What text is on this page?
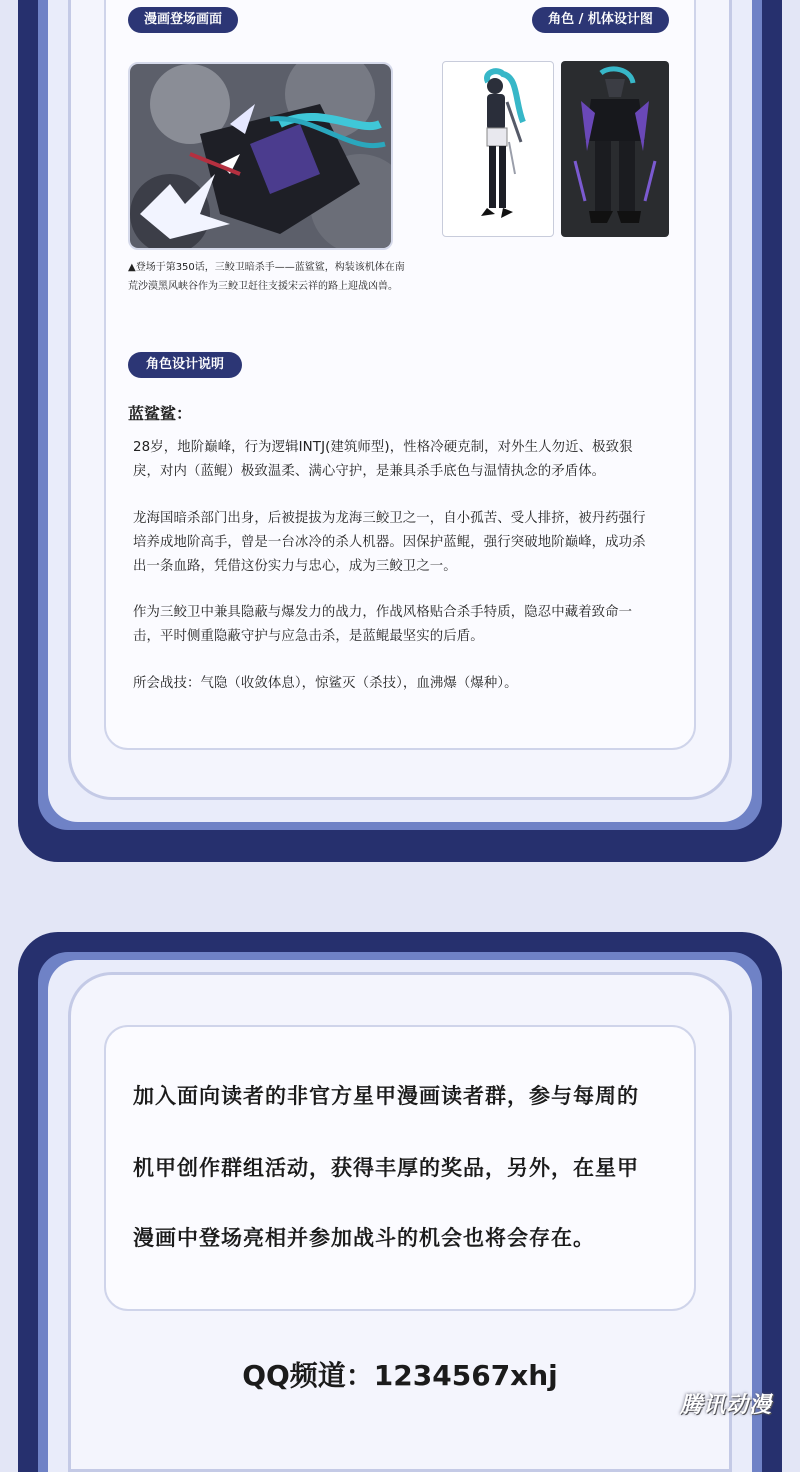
漫画登场画面	角色 / 机体设计图
▲登场于第350话，三鲛卫暗杀手——蓝鲨鲨，构装该机体在南
荒沙漠黑风峡谷作为三鲛卫赶往支援宋云祥的路上迎战凶兽。
角色设计说明
蓝鲨鲨：
28岁，地阶巅峰，行为逻辑INTJ(建筑师型)，性格冷硬克制，对外生人勿近、极致狠
戾，对内（蓝鲲）极致温柔、满心守护，是兼具杀手底色与温情执念的矛盾体。
龙海国暗杀部门出身，后被提拔为龙海三鲛卫之一，自小孤苦、受人排挤，被丹药强行
培养成地阶高手，曾是一台冰冷的杀人机器。因保护蓝鲲，强行突破地阶巅峰，成功杀
出一条血路，凭借这份实力与忠心，成为三鲛卫之一。
作为三鲛卫中兼具隐蔽与爆发力的战力，作战风格贴合杀手特质，隐忍中藏着致命一
击，平时侧重隐蔽守护与应急击杀，是蓝鲲最坚实的后盾。
所会战技：气隐（收敛体息），惊鲨灭（杀技），血沸爆（爆种）。
加入面向读者的非官方星甲漫画读者群，参与每周的
机甲创作群组活动，获得丰厚的奖品，另外，在星甲
漫画中登场亮相并参加战斗的机会也将会存在。
QQ频道：1234567xhj
腾讯动漫
